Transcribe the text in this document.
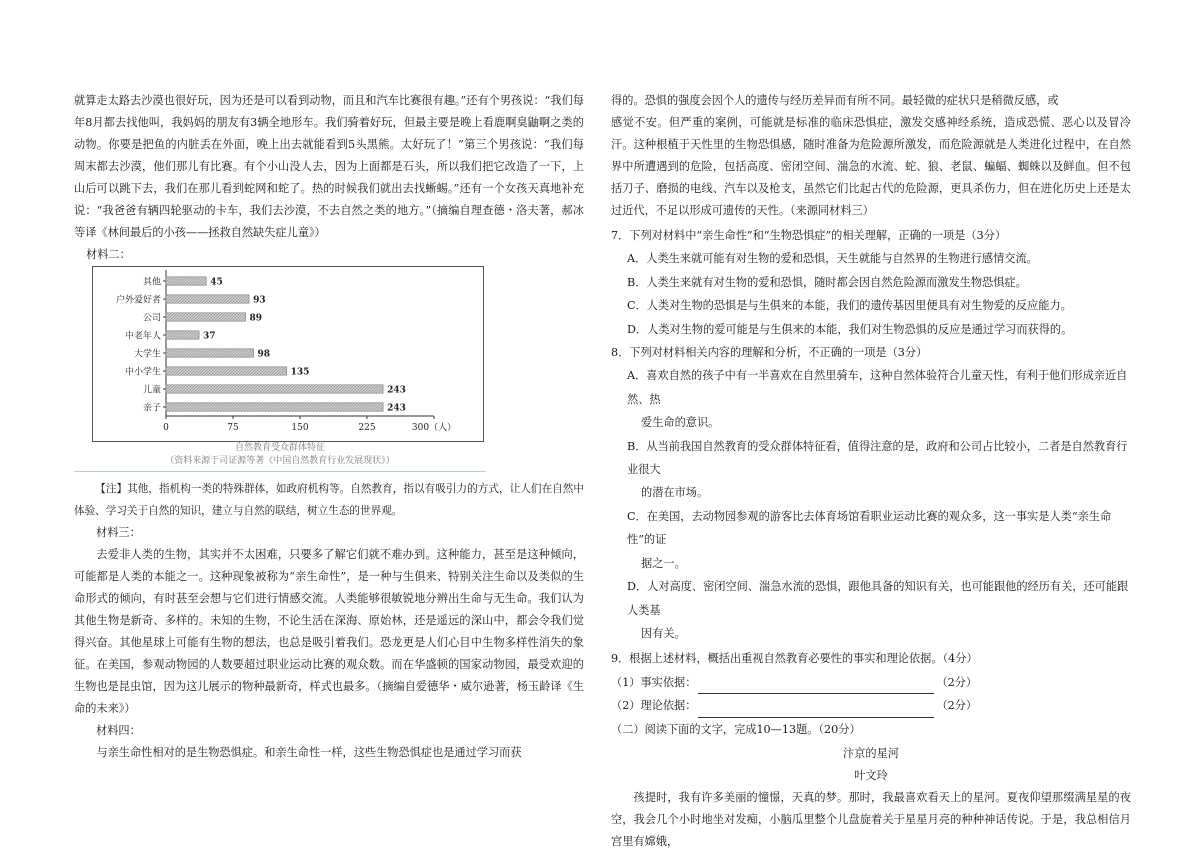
就算走太路去沙漠也很好玩，因为还是可以看到动物，而且和汽车比赛很有趣。”还有个男孩说：“我们每年8月都去找他叫，我妈妈的朋友有3辆全地形车。我们骑着好玩，但最主要是晚上看鹿啊臭鼬啊之类的动物。你要是把鱼的内脏丢在外面，晚上出去就能看到5头黑熊。太好玩了！”第三个男孩说：“我们每周末都去沙漠，他们那儿有比赛。有个小山没人去，因为上面都是石头，所以我们把它改造了一下，上山后可以跳下去，我们在那儿看到蛇网和蛇了。热的时候我们就出去找蜥蜴。”还有一个女孩天真地补充说：“我爸爸有辆四轮驱动的卡车，我们去沙漠，不去自然之类的地方。”（摘编自理查德・洛夫著，郝冰等译《林间最后的小孩——拯救自然缺失症儿童》）

材料二：
其他	45
户外爱好者	93
公司	89
中老年人	37
大学生	98
中小学生	135
儿童	243
亲子	243
0	75	150	225	300（人）
自然教育受众群体特征
（资料来源于司证源等著《中国自然教育行业发展现状》）

【注】其他，指机构一类的特殊群体，如政府机构等。自然教育，指以有吸引力的方式，让人们在自然中体验、学习关于自然的知识，建立与自然的联结，树立生态的世界观。

材料三：

去爱非人类的生物，其实并不太困难，只要多了解它们就不难办到。这种能力，甚至是这种倾向，可能都是人类的本能之一。这种现象被称为“亲生命性”，是一种与生俱来、特别关注生命以及类似的生命形式的倾向，有时甚至会想与它们进行情感交流。人类能够很敏锐地分辨出生命与无生命。我们认为其他生物是新奇、多样的。未知的生物，不论生活在深海、原始林，还是遥远的深山中，都会令我们觉得兴奋。其他星球上可能有生物的想法，也总是吸引着我们。恐龙更是人们心目中生物多样性消失的象征。在美国，参观动物园的人数要超过职业运动比赛的观众数。而在华盛顿的国家动物园，最受欢迎的生物也是昆虫馆，因为这儿展示的物种最新奇，样式也最多。（摘编自爱德华・威尔逊著，杨玉龄译《生命的未来》）

材料四：

与亲生命性相对的是生物恐惧症。和亲生命性一样，这些生物恐惧症也是通过学习而获

得的。恐惧的强度会因个人的遗传与经历差异而有所不同。最轻微的症状只是稍微反感，或

感觉不安。但严重的案例，可能就是标准的临床恐惧症，激发交感神经系统，造成恐慌、恶心以及冒冷汗。这种根植于天性里的生物恐惧感，随时准备为危险源所激发，而危险源就是人类进化过程中，在自然界中所遭遇到的危险，包括高度、密闭空间、湍急的水流、蛇、狼、老鼠、蝙蝠、蜘蛛以及鲜血。但不包括刀子、磨损的电线、汽车以及枪支，虽然它们比起古代的危险源，更具杀伤力，但在进化历史上还是太过近代，不足以形成可遗传的天性。（来源同材料三）

7．下列对材料中“亲生命性”和“生物恐惧症”的相关理解，正确的一项是（3分）
A．人类生来就可能有对生物的爱和恐惧，天生就能与自然界的生物进行感情交流。
B．人类生来就有对生物的爱和恐惧，随时都会因自然危险源而激发生物恐惧症。
C．人类对生物的恐惧是与生俱来的本能，我们的遗传基因里便具有对生物爱的反应能力。
D．人类对生物的爱可能是与生俱来的本能，我们对生物恐惧的反应是通过学习而获得的。
8．下列对材料相关内容的理解和分析，不正确的一项是（3分）
A．喜欢自然的孩子中有一半喜欢在自然里骑车，这种自然体验符合儿童天性，有利于他们形成亲近自然、热
爱生命的意识。
B．从当前我国自然教育的受众群体特征看，值得注意的是，政府和公司占比较小，二者是自然教育行业很大
的潜在市场。
C．在美国，去动物园参观的游客比去体育场馆看职业运动比赛的观众多，这一事实是人类“亲生命性”的证
据之一。
D．人对高度、密闭空间、湍急水流的恐惧，跟他具备的知识有关，也可能跟他的经历有关，还可能跟人类基
因有关。
9．根据上述材料，概括出重视自然教育必要性的事实和理论依据。（4分）
（1）事实依据：	（2分）
（2）理论依据：	（2分）
（二）阅读下面的文字，完成10—13题。（20分）
汴京的星河
叶文玲

孩提时，我有许多美丽的憧憬，天真的梦。那时，我最喜欢看天上的星河。夏夜仰望那缀满星星的夜空，我会几个小时地坐对发痴，小脑瓜里整个儿盘旋着关于星星月亮的种种神话传说。于是，我总相信月宫里有嫦娥，
